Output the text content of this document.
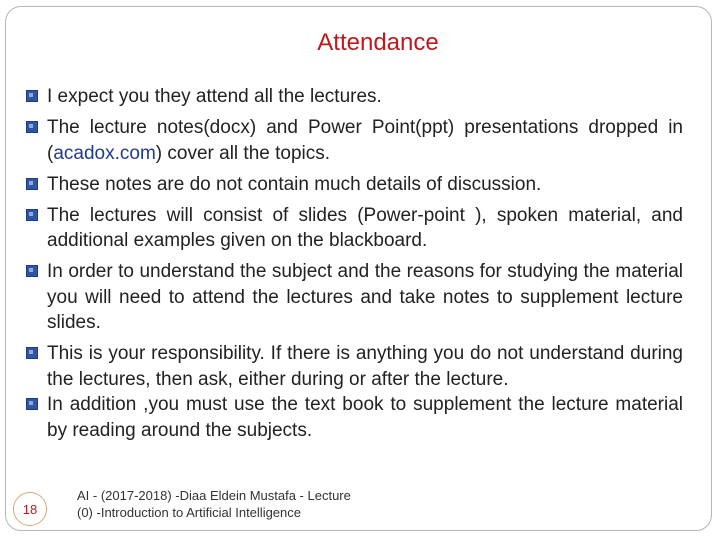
Attendance
I expect you they attend all the lectures.
The lecture notes(docx) and Power Point(ppt) presentations dropped in (acadox.com) cover all the topics.
These notes are do not contain much details of discussion.
The lectures will consist of slides (Power-point ), spoken material, and additional examples given on the blackboard.
In order to understand the subject and the reasons for studying the material you will need to attend the lectures and take notes to supplement lecture slides.
This is your responsibility. If there is anything you do not understand during the lectures, then ask, either during or after the lecture.
In addition ,you must use the text book to supplement the lecture material by reading around the subjects.
18
AI - (2017-2018) -Diaa Eldein Mustafa - Lecture
(0) -Introduction to Artificial Intelligence
